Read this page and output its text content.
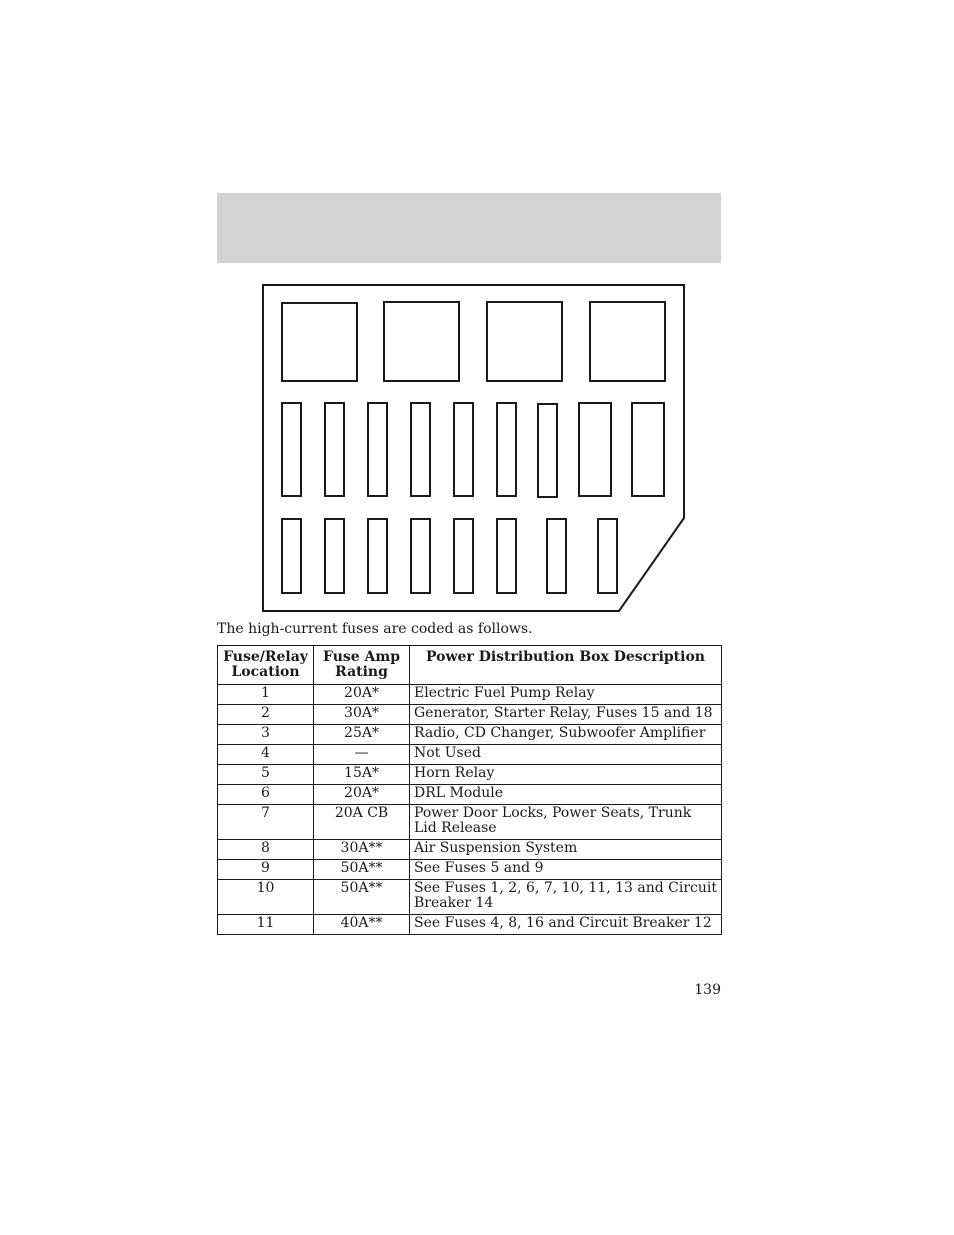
The high-current fuses are coded as follows.
Fuse/Relay Location	Fuse Amp Rating	Power Distribution Box Description
1	20A*	Electric Fuel Pump Relay
2	30A*	Generator, Starter Relay, Fuses 15 and 18
3	25A*	Radio, CD Changer, Subwoofer Amplifier
4	—	Not Used
5	15A*	Horn Relay
6	20A*	DRL Module
7	20A CB	Power Door Locks, Power Seats, Trunk Lid Release
8	30A**	Air Suspension System
9	50A**	See Fuses 5 and 9
10	50A**	See Fuses 1, 2, 6, 7, 10, 11, 13 and Circuit Breaker 14
11	40A**	See Fuses 4, 8, 16 and Circuit Breaker 12
139
